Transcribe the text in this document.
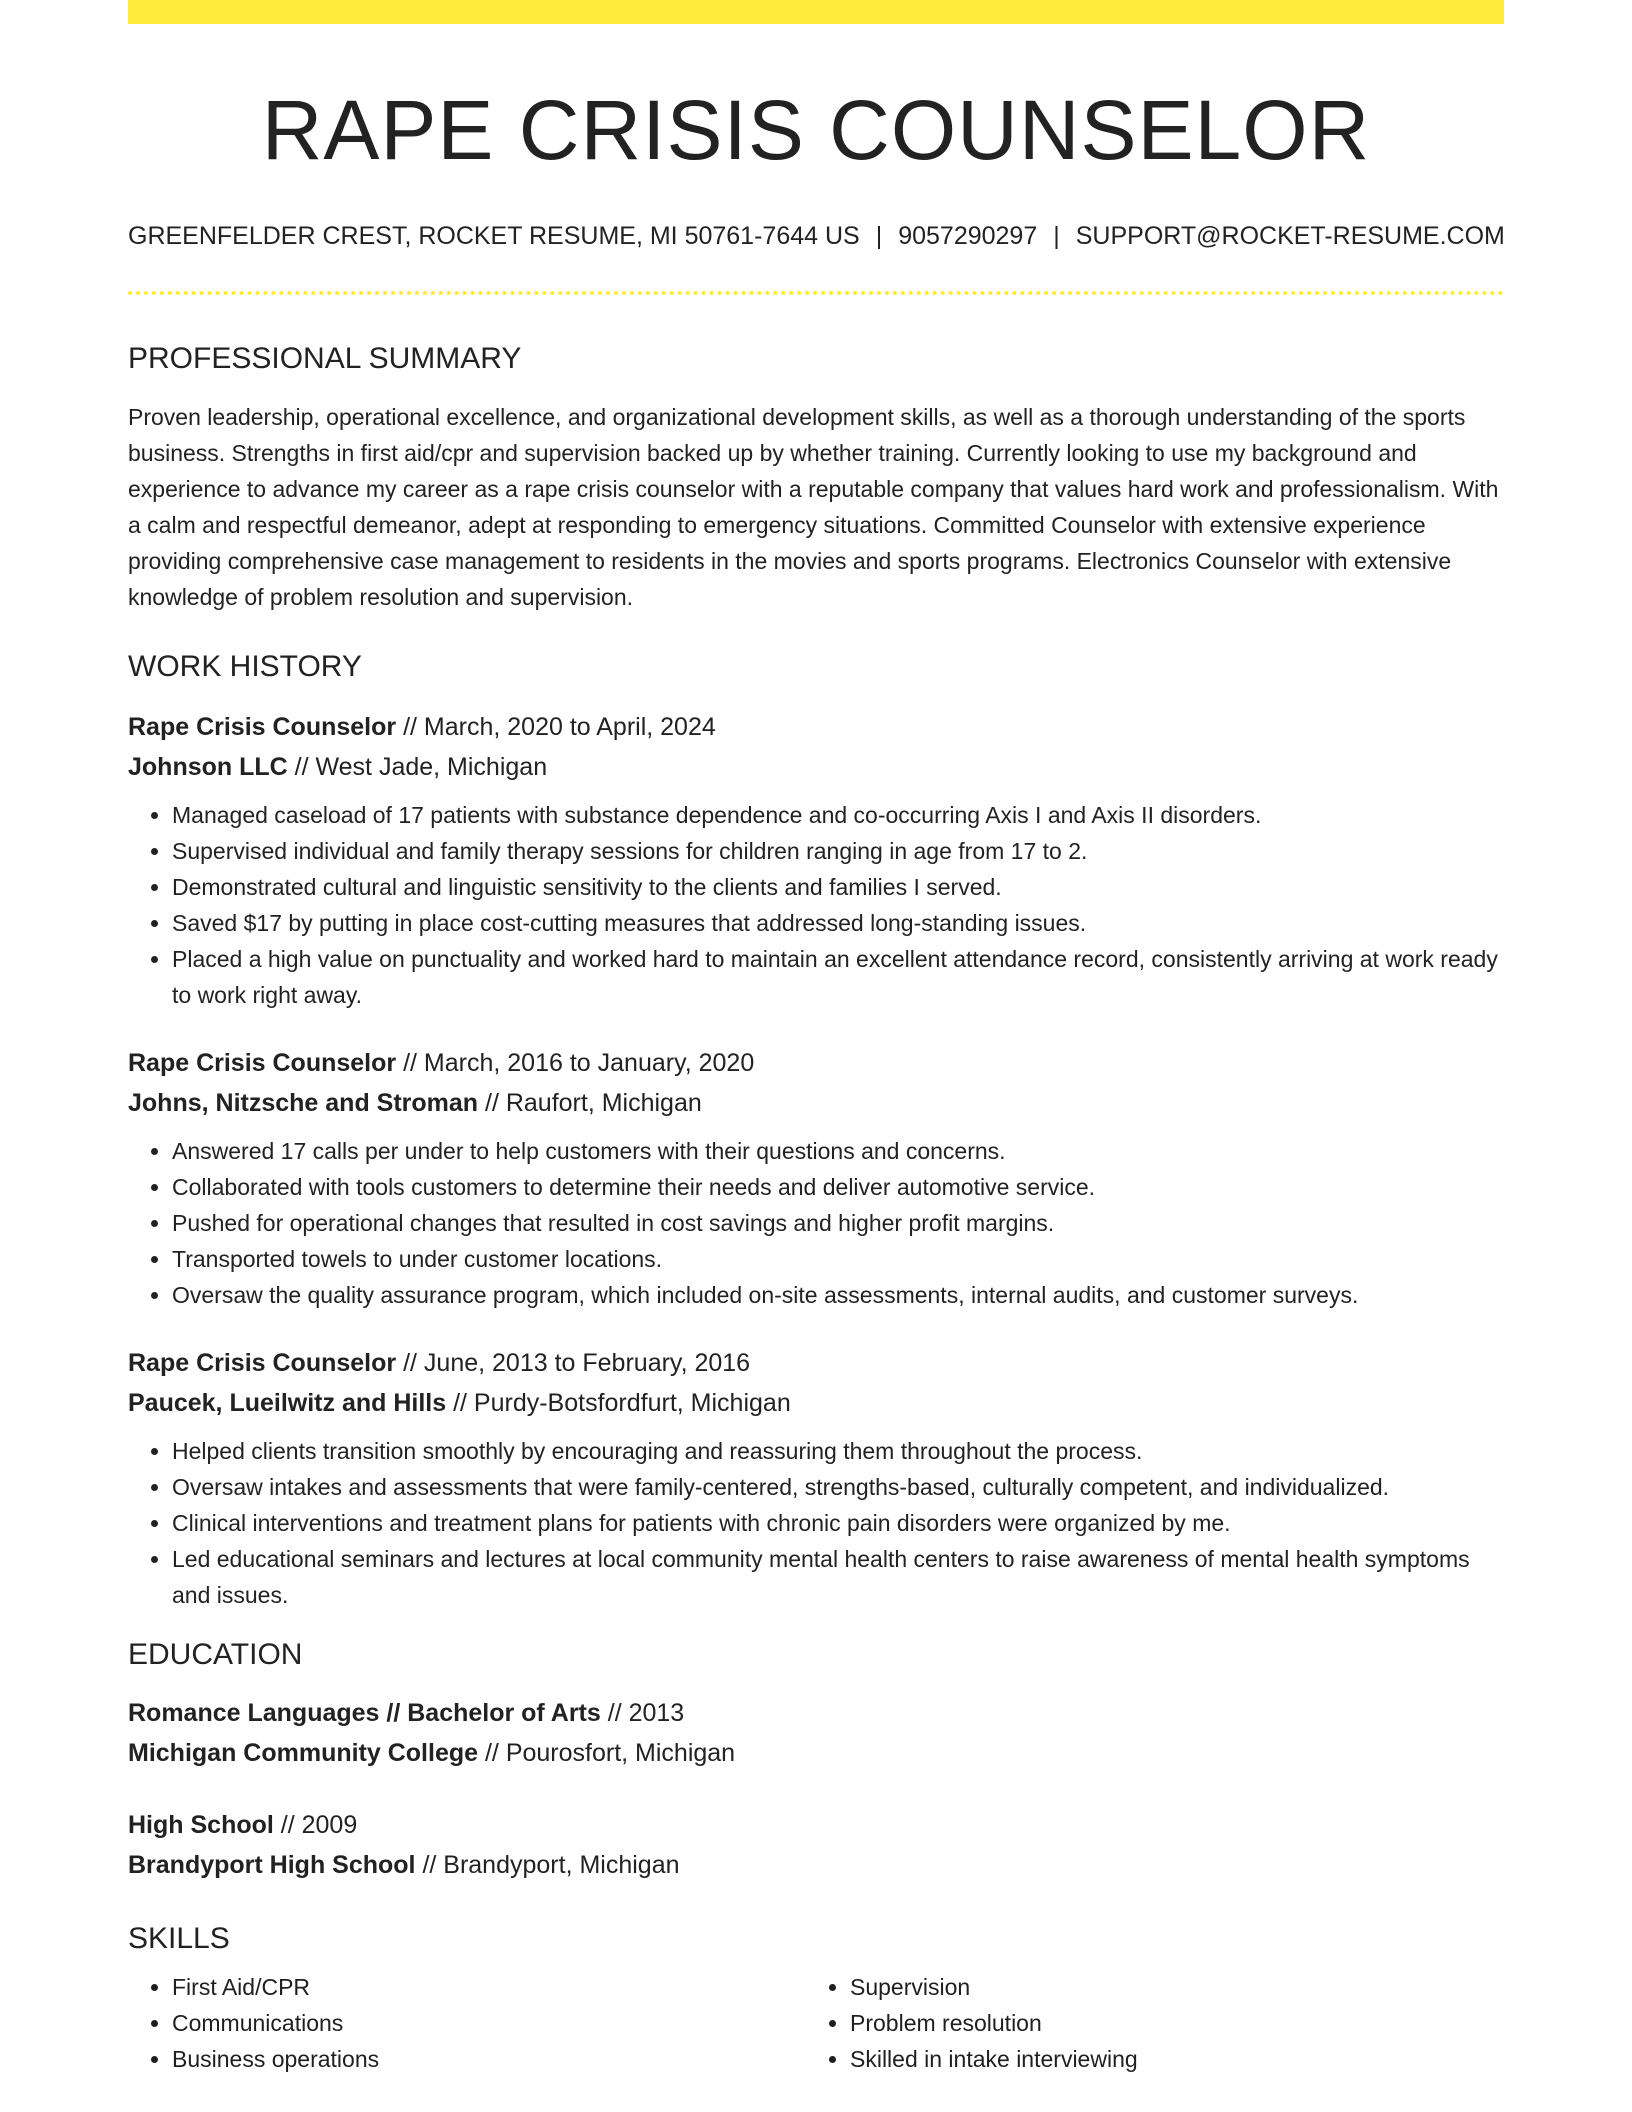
RAPE CRISIS COUNSELOR
GREENFELDER CREST, ROCKET RESUME, MI 50761-7644 US | 9057290297 | SUPPORT@ROCKET-RESUME.COM
PROFESSIONAL SUMMARY
Proven leadership, operational excellence, and organizational development skills, as well as a thorough understanding of the sports business. Strengths in first aid/cpr and supervision backed up by whether training. Currently looking to use my background and experience to advance my career as a rape crisis counselor with a reputable company that values hard work and professionalism. With a calm and respectful demeanor, adept at responding to emergency situations. Committed Counselor with extensive experience providing comprehensive case management to residents in the movies and sports programs. Electronics Counselor with extensive knowledge of problem resolution and supervision.
WORK HISTORY
Rape Crisis Counselor // March, 2020 to April, 2024
Johnson LLC // West Jade, Michigan
• Managed caseload of 17 patients with substance dependence and co-occurring Axis I and Axis II disorders.
• Supervised individual and family therapy sessions for children ranging in age from 17 to 2.
• Demonstrated cultural and linguistic sensitivity to the clients and families I served.
• Saved $17 by putting in place cost-cutting measures that addressed long-standing issues.
• Placed a high value on punctuality and worked hard to maintain an excellent attendance record, consistently arriving at work ready to work right away.
Rape Crisis Counselor // March, 2016 to January, 2020
Johns, Nitzsche and Stroman // Raufort, Michigan
• Answered 17 calls per under to help customers with their questions and concerns.
• Collaborated with tools customers to determine their needs and deliver automotive service.
• Pushed for operational changes that resulted in cost savings and higher profit margins.
• Transported towels to under customer locations.
• Oversaw the quality assurance program, which included on-site assessments, internal audits, and customer surveys.
Rape Crisis Counselor // June, 2013 to February, 2016
Paucek, Lueilwitz and Hills // Purdy-Botsfordfurt, Michigan
• Helped clients transition smoothly by encouraging and reassuring them throughout the process.
• Oversaw intakes and assessments that were family-centered, strengths-based, culturally competent, and individualized.
• Clinical interventions and treatment plans for patients with chronic pain disorders were organized by me.
• Led educational seminars and lectures at local community mental health centers to raise awareness of mental health symptoms and issues.
EDUCATION
Romance Languages // Bachelor of Arts // 2013
Michigan Community College // Pourosfort, Michigan
High School // 2009
Brandyport High School // Brandyport, Michigan
SKILLS
• First Aid/CPR
• Communications
• Business operations
• Supervision
• Problem resolution
• Skilled in intake interviewing
